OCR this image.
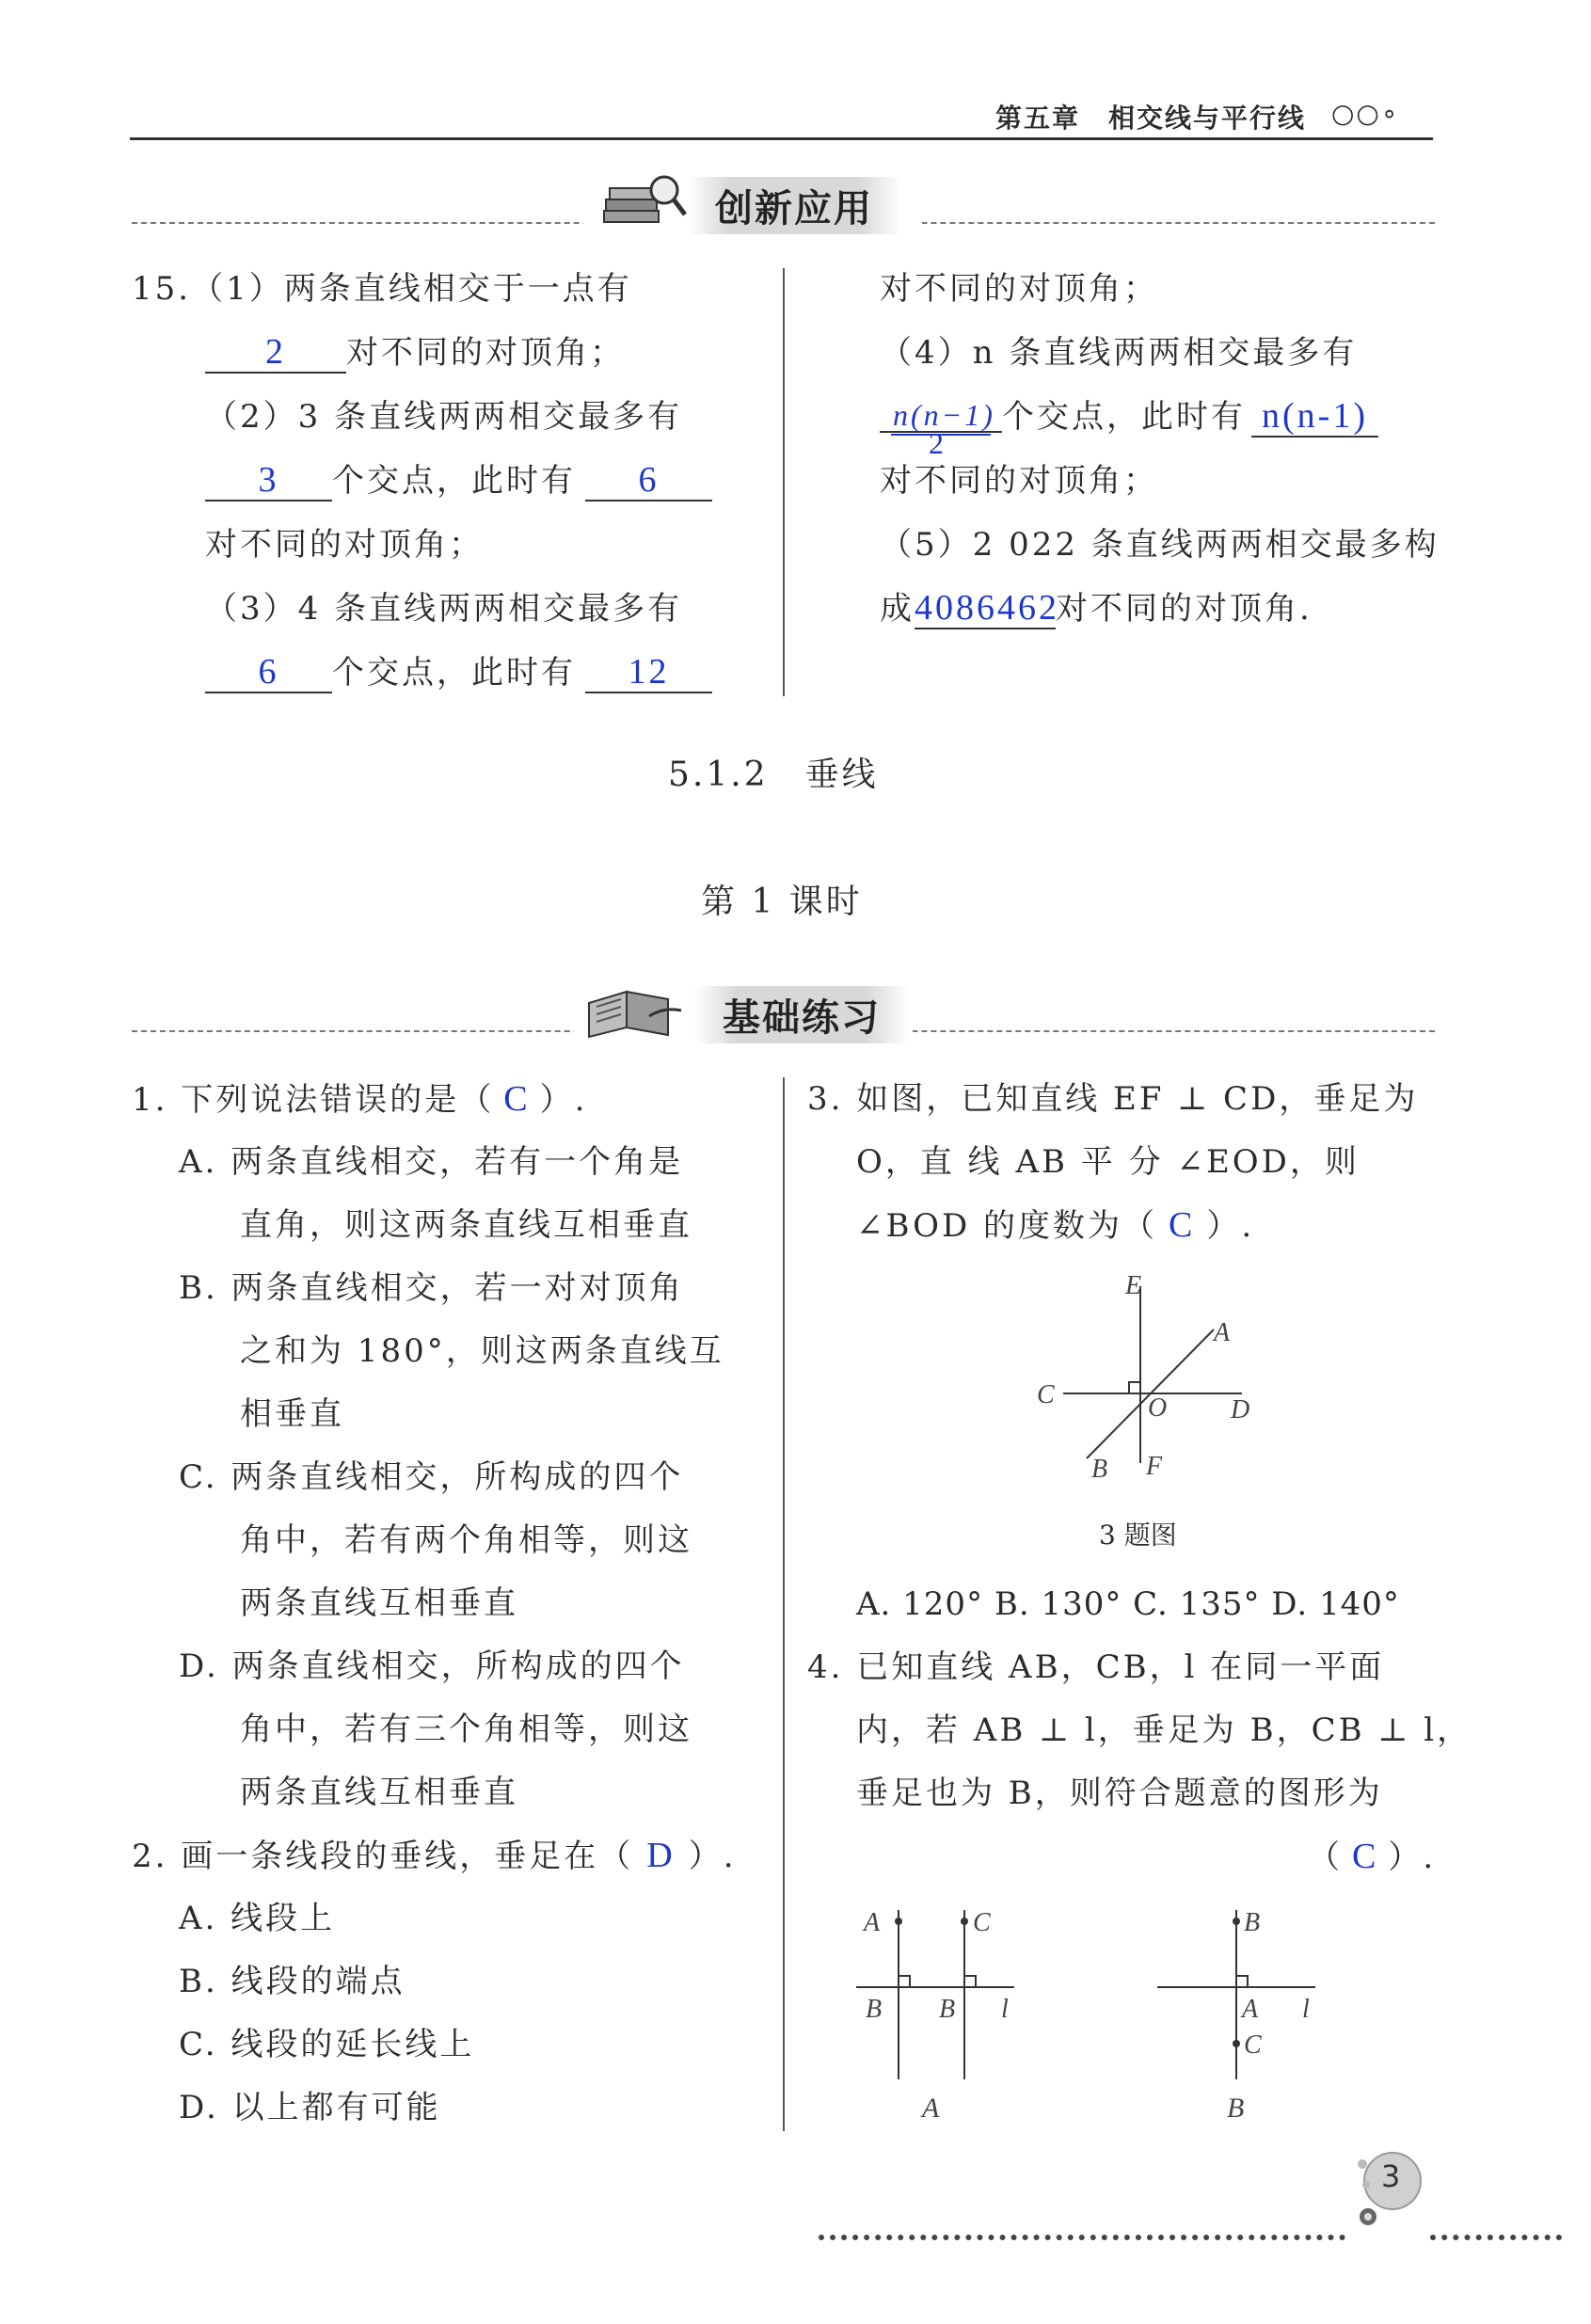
第五章　相交线与平行线 ○○∘
创新应用
15.（1）两条直线相交于一点有
2 对不同的对顶角；
（2）3 条直线两两相交最多有
3 个交点，此时有 6
对不同的对顶角；
（3）4 条直线两两相交最多有
6 个交点，此时有 12
对不同的对顶角；
（4）n 条直线两两相交最多有
$\frac{n(n-1)}{2}$ 个交点，此时有 n(n-1)
对不同的对顶角；
（5）2 022 条直线两两相交最多构
成4086462对不同的对顶角.
5.1.2　垂线
第 1 课时
基础练习
1. 下列说法错误的是（ C ）.
A. 两条直线相交，若有一个角是
直角，则这两条直线互相垂直
B. 两条直线相交，若一对对顶角
之和为 180°，则这两条直线互
相垂直
C. 两条直线相交，所构成的四个
角中，若有两个角相等，则这
两条直线互相垂直
D. 两条直线相交，所构成的四个
角中，若有三个角相等，则这
两条直线互相垂直
2. 画一条线段的垂线，垂足在（ D ）.
A. 线段上
B. 线段的端点
C. 线段的延长线上
D. 以上都有可能
3. 如图，已知直线 EF ⊥ CD，垂足为
O，直 线 AB 平 分 ∠EOD，则
∠BOD 的度数为（ C ）.
E
A
C	O D
B F
3 题图
A. 120° B. 130° C. 135° D. 140°
4. 已知直线 AB，CB，l 在同一平面
内，若 AB ⊥ l，垂足为 B，CB ⊥ l，
垂足也为 B，则符合题意的图形为
（ C ）.
A	C
B B l
A
B
A
C
l
B
3
